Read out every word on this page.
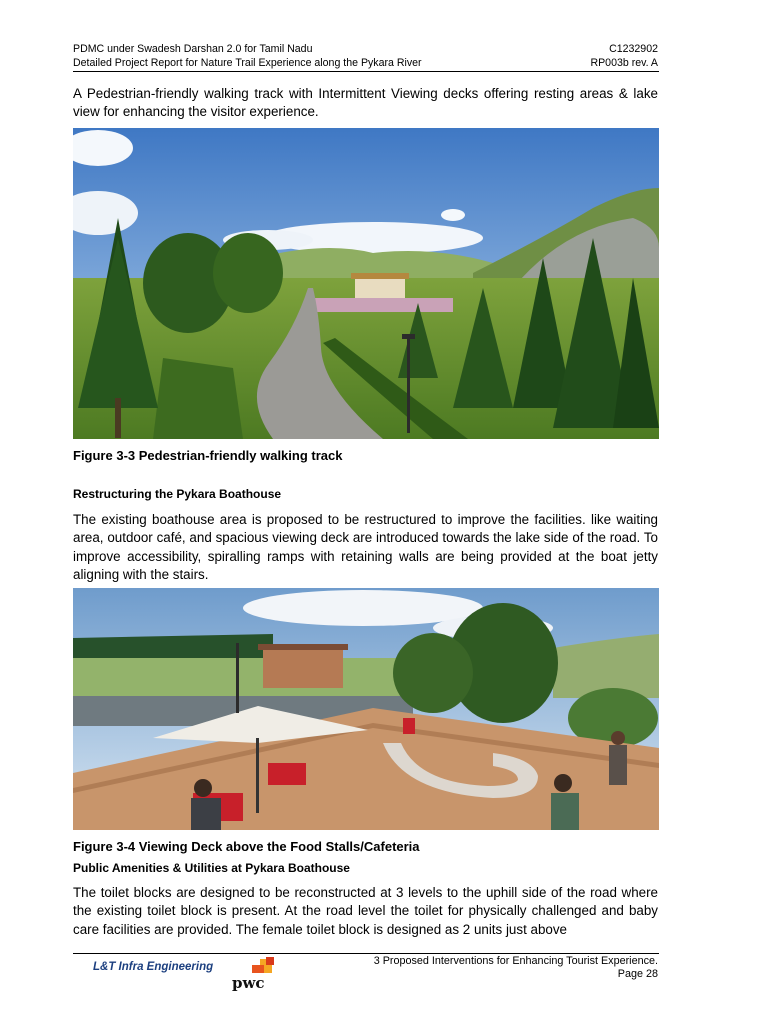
PDMC under Swadesh Darshan 2.0 for Tamil Nadu
Detailed Project Report for Nature Trail Experience along the Pykara River
C1232902
RP003b rev. A

A Pedestrian-friendly walking track with Intermittent Viewing decks offering resting areas & lake view for enhancing the visitor experience.

Figure 3-3 Pedestrian-friendly walking track

Restructuring the Pykara Boathouse

The existing boathouse area is proposed to be restructured to improve the facilities. like waiting area, outdoor café, and spacious viewing deck are introduced towards the lake side of the road. To improve accessibility, spiralling ramps with retaining walls are being provided at the boat jetty aligning with the stairs.

Figure 3-4 Viewing Deck above the Food Stalls/Cafeteria

Public Amenities & Utilities at Pykara Boathouse

The toilet blocks are designed to be reconstructed at 3 levels to the uphill side of the road where the existing toilet block is present. At the road level the toilet for physically challenged and baby care facilities are provided. The female toilet block is designed as 2 units just above

L&T Infra Engineering
pwc
3 Proposed Interventions for Enhancing Tourist Experience.
Page 28
